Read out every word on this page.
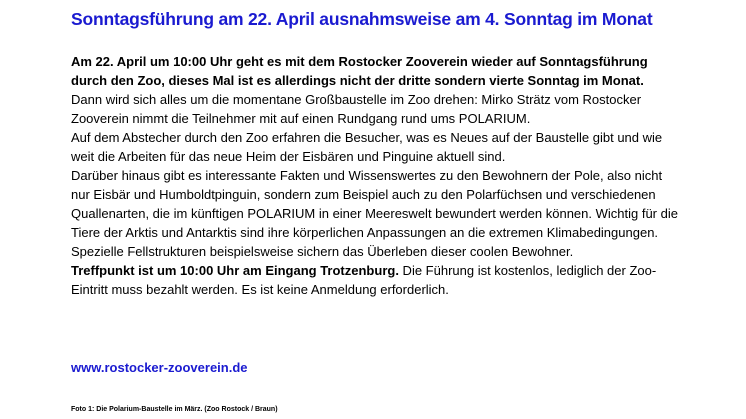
Sonntagsführung am 22. April ausnahmsweise am 4. Sonntag im Monat

Am 22. April um 10:00 Uhr geht es mit dem Rostocker Zooverein wieder auf Sonntagsführung durch den Zoo, dieses Mal ist es allerdings nicht der dritte sondern vierte Sonntag im Monat.

Dann wird sich alles um die momentane Großbaustelle im Zoo drehen: Mirko Strätz vom Rostocker Zooverein nimmt die Teilnehmer mit auf einen Rundgang rund ums POLARIUM.

Auf dem Abstecher durch den Zoo erfahren die Besucher, was es Neues auf der Baustelle gibt und wie weit die Arbeiten für das neue Heim der Eisbären und Pinguine aktuell sind.

Darüber hinaus gibt es interessante Fakten und Wissenswertes zu den Bewohnern der Pole, also nicht nur Eisbär und Humboldtpinguin, sondern zum Beispiel auch zu den Polarfüchsen und verschiedenen Quallenarten, die im künftigen POLARIUM in einer Meereswelt bewundert werden können. Wichtig für die Tiere der Arktis und Antarktis sind ihre körperlichen Anpassungen an die extremen Klimabedingungen. Spezielle Fellstrukturen beispielsweise sichern das Überleben dieser coolen Bewohner.

Treffpunkt ist um 10:00 Uhr am Eingang Trotzenburg. Die Führung ist kostenlos, lediglich der Zoo-Eintritt muss bezahlt werden. Es ist keine Anmeldung erforderlich.

www.rostocker-zooverein.de
Foto 1: Die Polarium-Baustelle im März. (Zoo Rostock / Braun)
